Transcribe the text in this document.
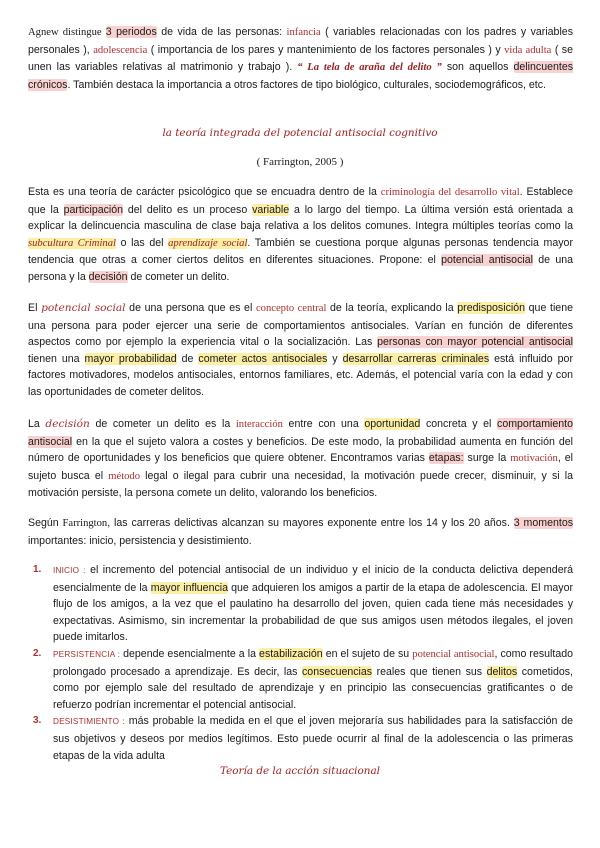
Agnew distingue 3 periodos de vida de las personas: infancia ( variables relacionadas con los padres y variables personales ), adolescencia ( importancia de los pares y mantenimiento de los factores personales ) y vida adulta ( se unen las variables relativas al matrimonio y trabajo ). “ La tela de araña del delito ” son aquellos delincuentes crónicos. También destaca la importancia a otros factores de tipo biológico, culturales, sociodemográficos, etc.
la teoría integrada del potencial antisocial cognitivo
( Farrington, 2005 )
Esta es una teoría de carácter psicológico que se encuadra dentro de la criminología del desarrollo vital. Establece que la participación del delito es un proceso variable a lo largo del tiempo. La última versión está orientada a explicar la delincuencia masculina de clase baja relativa a los delitos comunes. Integra múltiples teorías como la subcultura Criminal o las del aprendizaje social. También se cuestiona porque algunas personas tendencia mayor tendencia que otras a comer ciertos delitos en diferentes situaciones. Propone: el potencial antisocial de una persona y la decisión de cometer un delito.
El potencial social de una persona que es el concepto central de la teoría, explicando la predisposición que tiene una persona para poder ejercer una serie de comportamientos antisociales. Varían en función de diferentes aspectos como por ejemplo la experiencia vital o la socialización. Las personas con mayor potencial antisocial tienen una mayor probabilidad de cometer actos antisociales y desarrollar carreras criminales está influido por factores motivadores, modelos antisociales, entornos familiares, etc. Además, el potencial varía con la edad y con las oportunidades de cometer delitos.
La decisión de cometer un delito es la interacción entre con una oportunidad concreta y el comportamiento antisocial en la que el sujeto valora a costes y beneficios. De este modo, la probabilidad aumenta en función del número de oportunidades y los beneficios que quiere obtener. Encontramos varias etapas: surge la motivación, el sujeto busca el método legal o ilegal para cubrir una necesidad, la motivación puede crecer, disminuir, y si la motivación persiste, la persona comete un delito, valorando los beneficios.
Según Farrington, las carreras delictivas alcanzan su mayores exponente entre los 14 y los 20 años. 3 momentos importantes: inicio, persistencia y desistimiento.
1. INICIO : el incremento del potencial antisocial de un individuo y el inicio de la conducta delictiva dependerá esencialmente de la mayor influencia que adquieren los amigos a partir de la etapa de adolescencia. El mayor flujo de los amigos, a la vez que el paulatino ha desarrollo del joven, quien cada tiene más necesidades y expectativas. Asimismo, sin incrementar la probabilidad de que sus amigos usen métodos ilegales, el joven puede imitarlos.
2. PERSISTENCIA : depende esencialmente a la estabilización en el sujeto de su potencial antisocial, como resultado prolongado procesado a aprendizaje. Es decir, las consecuencias reales que tienen sus delitos cometidos, como por ejemplo sale del resultado de aprendizaje y en principio las consecuencias gratificantes o de refuerzo podrían incrementar el potencial antisocial.
3. DESISTIMIENTO : más probable la medida en el que el joven mejoraría sus habilidades para la satisfacción de sus objetivos y deseos por medios legítimos. Esto puede ocurrir al final de la adolescencia o las primeras etapas de la vida adulta
Teoría de la acción situacional
